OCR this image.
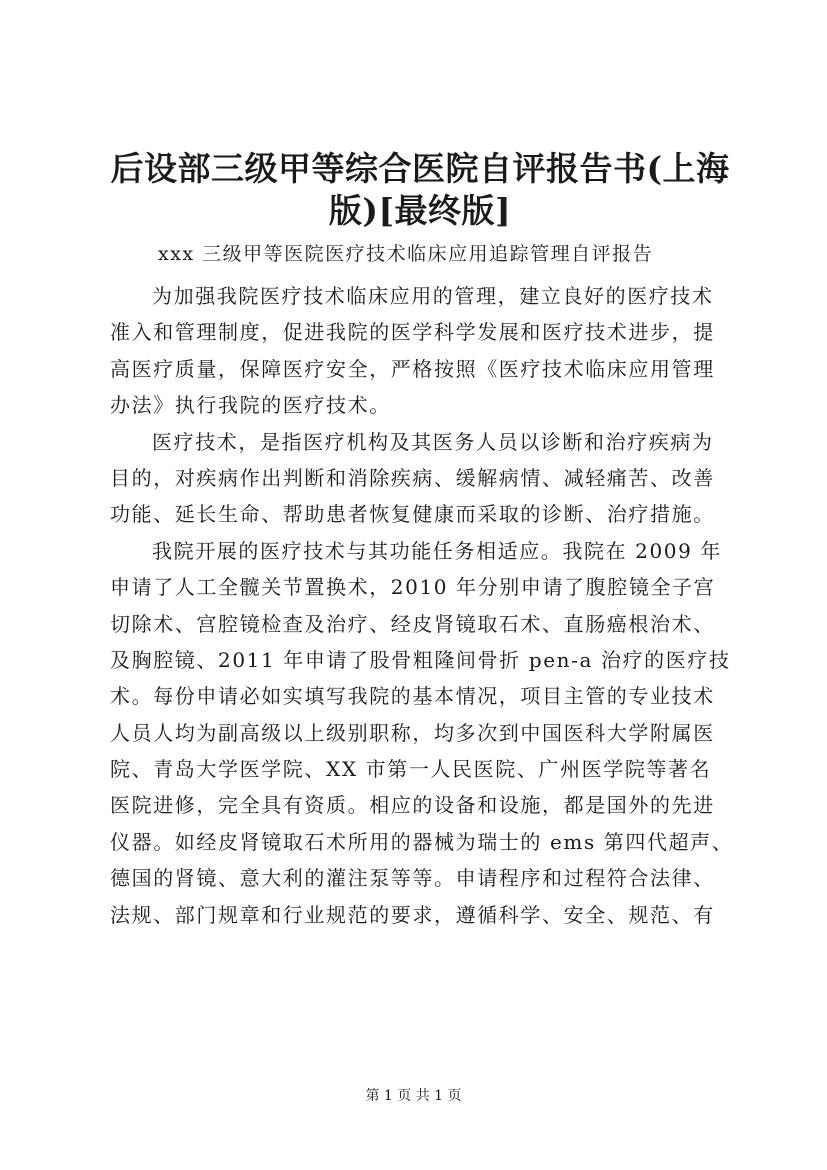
后设部三级甲等综合医院自评报告书(上海
版)[最终版]
xxx 三级甲等医院医疗技术临床应用追踪管理自评报告
为加强我院医疗技术临床应用的管理，建立良好的医疗技术
准入和管理制度，促进我院的医学科学发展和医疗技术进步，提
高医疗质量，保障医疗安全，严格按照《医疗技术临床应用管理
办法》执行我院的医疗技术。
医疗技术，是指医疗机构及其医务人员以诊断和治疗疾病为
目的，对疾病作出判断和消除疾病、缓解病情、减轻痛苦、改善
功能、延长生命、帮助患者恢复健康而采取的诊断、治疗措施。
我院开展的医疗技术与其功能任务相适应。我院在 2009 年
申请了人工全髋关节置换术，2010 年分别申请了腹腔镜全子宫
切除术、宫腔镜检查及治疗、经皮肾镜取石术、直肠癌根治术、
及胸腔镜、2011 年申请了股骨粗隆间骨折 pen-a 治疗的医疗技
术。每份申请必如实填写我院的基本情况，项目主管的专业技术
人员人均为副高级以上级别职称，均多次到中国医科大学附属医
院、青岛大学医学院、XX 市第一人民医院、广州医学院等著名
医院进修，完全具有资质。相应的设备和设施，都是国外的先进
仪器。如经皮肾镜取石术所用的器械为瑞士的 ems 第四代超声、
德国的肾镜、意大利的灌注泵等等。申请程序和过程符合法律、
法规、部门规章和行业规范的要求，遵循科学、安全、规范、有
第 1 页 共 1 页
